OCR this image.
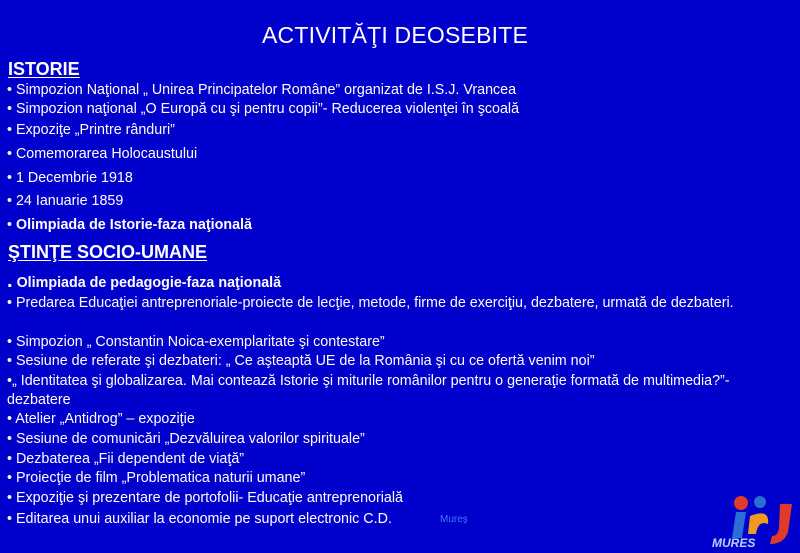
ACTIVITĂŢI DEOSEBITE
ISTORIE
• Simpozion Naţional „ Unirea Principatelor Române” organizat de I.S.J. Vrancea
• Simpozion naţional „O Europă cu şi pentru copii”- Reducerea violenţei în şcoală
• Expoziţe „Printre rânduri”
• Comemorarea Holocaustului
• 1 Decembrie 1918
• 24 Ianuarie 1859
• Olimpiada de Istorie-faza naţională
ŞTINŢE SOCIO-UMANE
. Olimpiada de pedagogie-faza naţională
• Predarea Educaţiei antreprenoriale-proiecte de lecţie, metode, firme de exerciţiu, dezbatere, urmată de dezbateri.
• Simpozion „ Constantin Noica-exemplaritate şi contestare”
• Sesiune de referate şi dezbateri: „ Ce aşteaptă UE de la România şi cu ce ofertă venim noi”
•„ Identitatea şi globalizarea. Mai contează Istorie şi miturile românilor pentru o generaţie formată de multimedia?”- dezbatere
• Atelier „Antidrog” – expoziţie
• Sesiune de comunicări „Dezvăluirea valorilor spirituale”
• Dezbaterea „Fii dependent de viaţă”
• Proiecţie de film „Problematica naturii umane”
• Expoziţie şi prezentare de portofolii- Educaţie antreprenorială
Mureş
• Editarea unui auxiliar la economie pe suport electronic C.D.
MURES
